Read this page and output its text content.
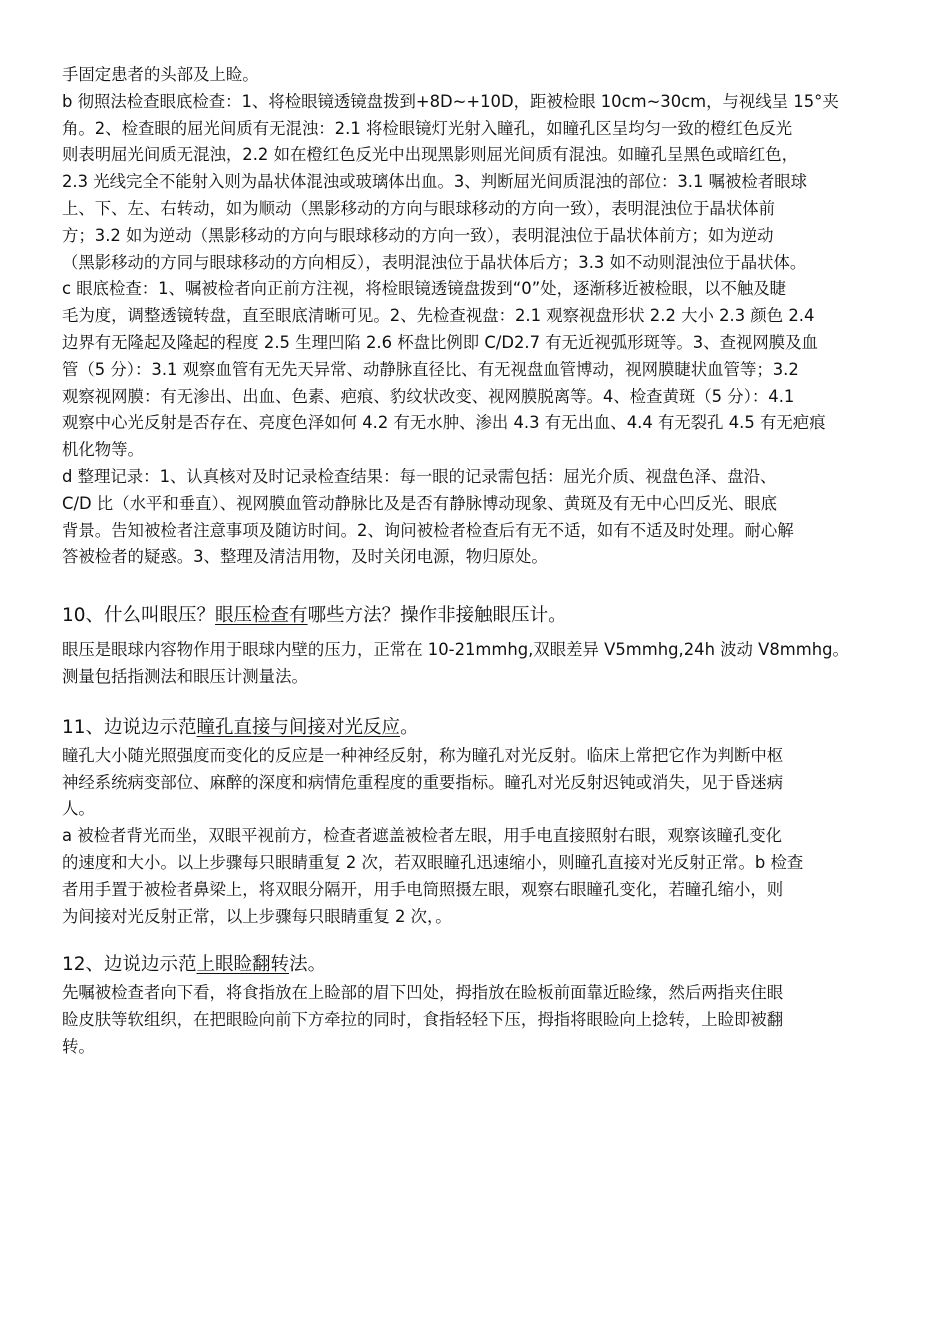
手固定患者的头部及上睑。
b 彻照法检查眼底检查：1、将检眼镜透镜盘拨到+8D~+10D，距被检眼 10cm~30cm，与视线呈 15°夹
角。2、检查眼的屈光间质有无混浊：2.1 将检眼镜灯光射入瞳孔，如瞳孔区呈均匀一致的橙红色反光
则表明屈光间质无混浊，2.2 如在橙红色反光中出现黑影则屈光间质有混浊。如瞳孔呈黑色或暗红色，
2.3 光线完全不能射入则为晶状体混浊或玻璃体出血。3、判断屈光间质混浊的部位：3.1 嘱被检者眼球
上、下、左、右转动，如为顺动（黑影移动的方向与眼球移动的方向一致），表明混浊位于晶状体前
方；3.2 如为逆动（黑影移动的方向与眼球移动的方向一致），表明混浊位于晶状体前方；如为逆动
（黑影移动的方同与眼球移动的方向相反），表明混浊位于晶状体后方；3.3 如不动则混浊位于晶状体。
c 眼底检查：1、嘱被检者向正前方注视，将检眼镜透镜盘拨到“0”处，逐渐移近被检眼，以不触及睫
毛为度，调整透镜转盘，直至眼底清晰可见。2、先检查视盘：2.1 观察视盘形状 2.2 大小 2.3 颜色 2.4
边界有无隆起及隆起的程度 2.5 生理凹陷 2.6 杯盘比例即 C/D2.7 有无近视弧形斑等。3、查视网膜及血
管（5 分）：3.1 观察血管有无先天异常、动静脉直径比、有无视盘血管博动，视网膜睫状血管等；3.2
观察视网膜：有无渗出、出血、色素、疤痕、豹纹状改变、视网膜脱离等。4、检查黄斑（5 分）：4.1
观察中心光反射是否存在、亮度色泽如何 4.2 有无水肿、渗出 4.3 有无出血、4.4 有无裂孔 4.5 有无疤痕
机化物等。
d 整理记录：1、认真核对及时记录检查结果：每一眼的记录需包括：屈光介质、视盘色泽、盘沿、
C/D 比（水平和垂直）、视网膜血管动静脉比及是否有静脉博动现象、黄斑及有无中心凹反光、眼底
背景。告知被检者注意事项及随访时间。2、询问被检者检查后有无不适，如有不适及时处理。耐心解
答被检者的疑惑。3、整理及清洁用物，及时关闭电源，物归原处。
10、什么叫眼压？眼压检查有哪些方法？操作非接触眼压计。
眼压是眼球内容物作用于眼球内壁的压力，正常在 10-21mmhg,双眼差异 V5mmhg,24h 波动 V8mmhg。
测量包括指测法和眼压计测量法。
11、边说边示范瞳孔直接与间接对光反应。
瞳孔大小随光照强度而变化的反应是一种神经反射，称为瞳孔对光反射。临床上常把它作为判断中枢
神经系统病变部位、麻醉的深度和病情危重程度的重要指标。瞳孔对光反射迟钝或消失，见于昏迷病
人。
a 被检者背光而坐，双眼平视前方，检查者遮盖被检者左眼，用手电直接照射右眼，观察该瞳孔变化
的速度和大小。以上步骤每只眼睛重复 2 次，若双眼瞳孔迅速缩小，则瞳孔直接对光反射正常。b 检查
者用手置于被检者鼻梁上，将双眼分隔开，用手电筒照摄左眼，观察右眼瞳孔变化，若瞳孔缩小，则
为间接对光反射正常，以上步骤每只眼睛重复 2 次，。
12、边说边示范上眼睑翻转法。
先嘱被检查者向下看，将食指放在上睑部的眉下凹处，拇指放在睑板前面靠近睑缘，然后两指夹住眼
睑皮肤等软组织，在把眼睑向前下方牵拉的同时，食指轻轻下压，拇指将眼睑向上捻转，上睑即被翻
转。
